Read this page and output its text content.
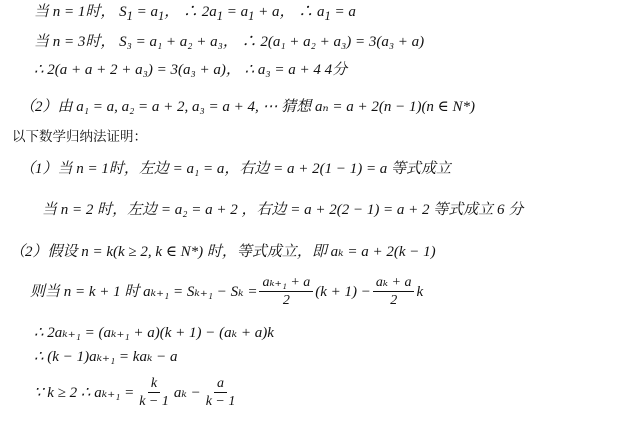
当 n = 1时， $S_1 = a_1$， ∴ $2a_1 = a_1 + a$， ∴ $a_1 = a$
当 n = 3时， S₃ = a₁ + a₂ + a₃， ∴ 2(a₁ + a₂ + a₃) = 3(a₃ + a)
∴ 2(a + a + 2 + a₃) = 3(a₃ + a)， ∴ a₃ = a + 4 4分
（2）由 a₁ = a, a₂ = a + 2, a₃ = a + 4, ⋯ 猜想 aₙ = a + 2(n − 1)(n ∈ N*)
以下数学归纳法证明：
（1）当 n = 1时，左边 = a₁ = a，右边 = a + 2(1 − 1) = a 等式成立
当 n = 2 时，左边 = a₂ = a + 2 ，右边 = a + 2(2 − 1) = a + 2 等式成立 6 分
（2）假设 n = k(k ≥ 2, k ∈ N*) 时，等式成立，即 aₖ = a + 2(k − 1)
则当 n = k + 1 时 $a_{k+1} = S_{k+1} - S_k = \frac{\text{aₖ₊₁ + a}}{2} (k + 1) - \frac{\text{aₖ + a}}{2}$ k
∴ 2aₖ₊₁ = (aₖ₊₁ + a)(k + 1) − (aₖ + a)k
∴ (k − 1)aₖ₊₁ = kaₖ − a
∵ k ≥ 2 ∴ $a_{k+1} = \frac{k}{k - 1}$ $a_k - \frac{a}{k - 1}$
